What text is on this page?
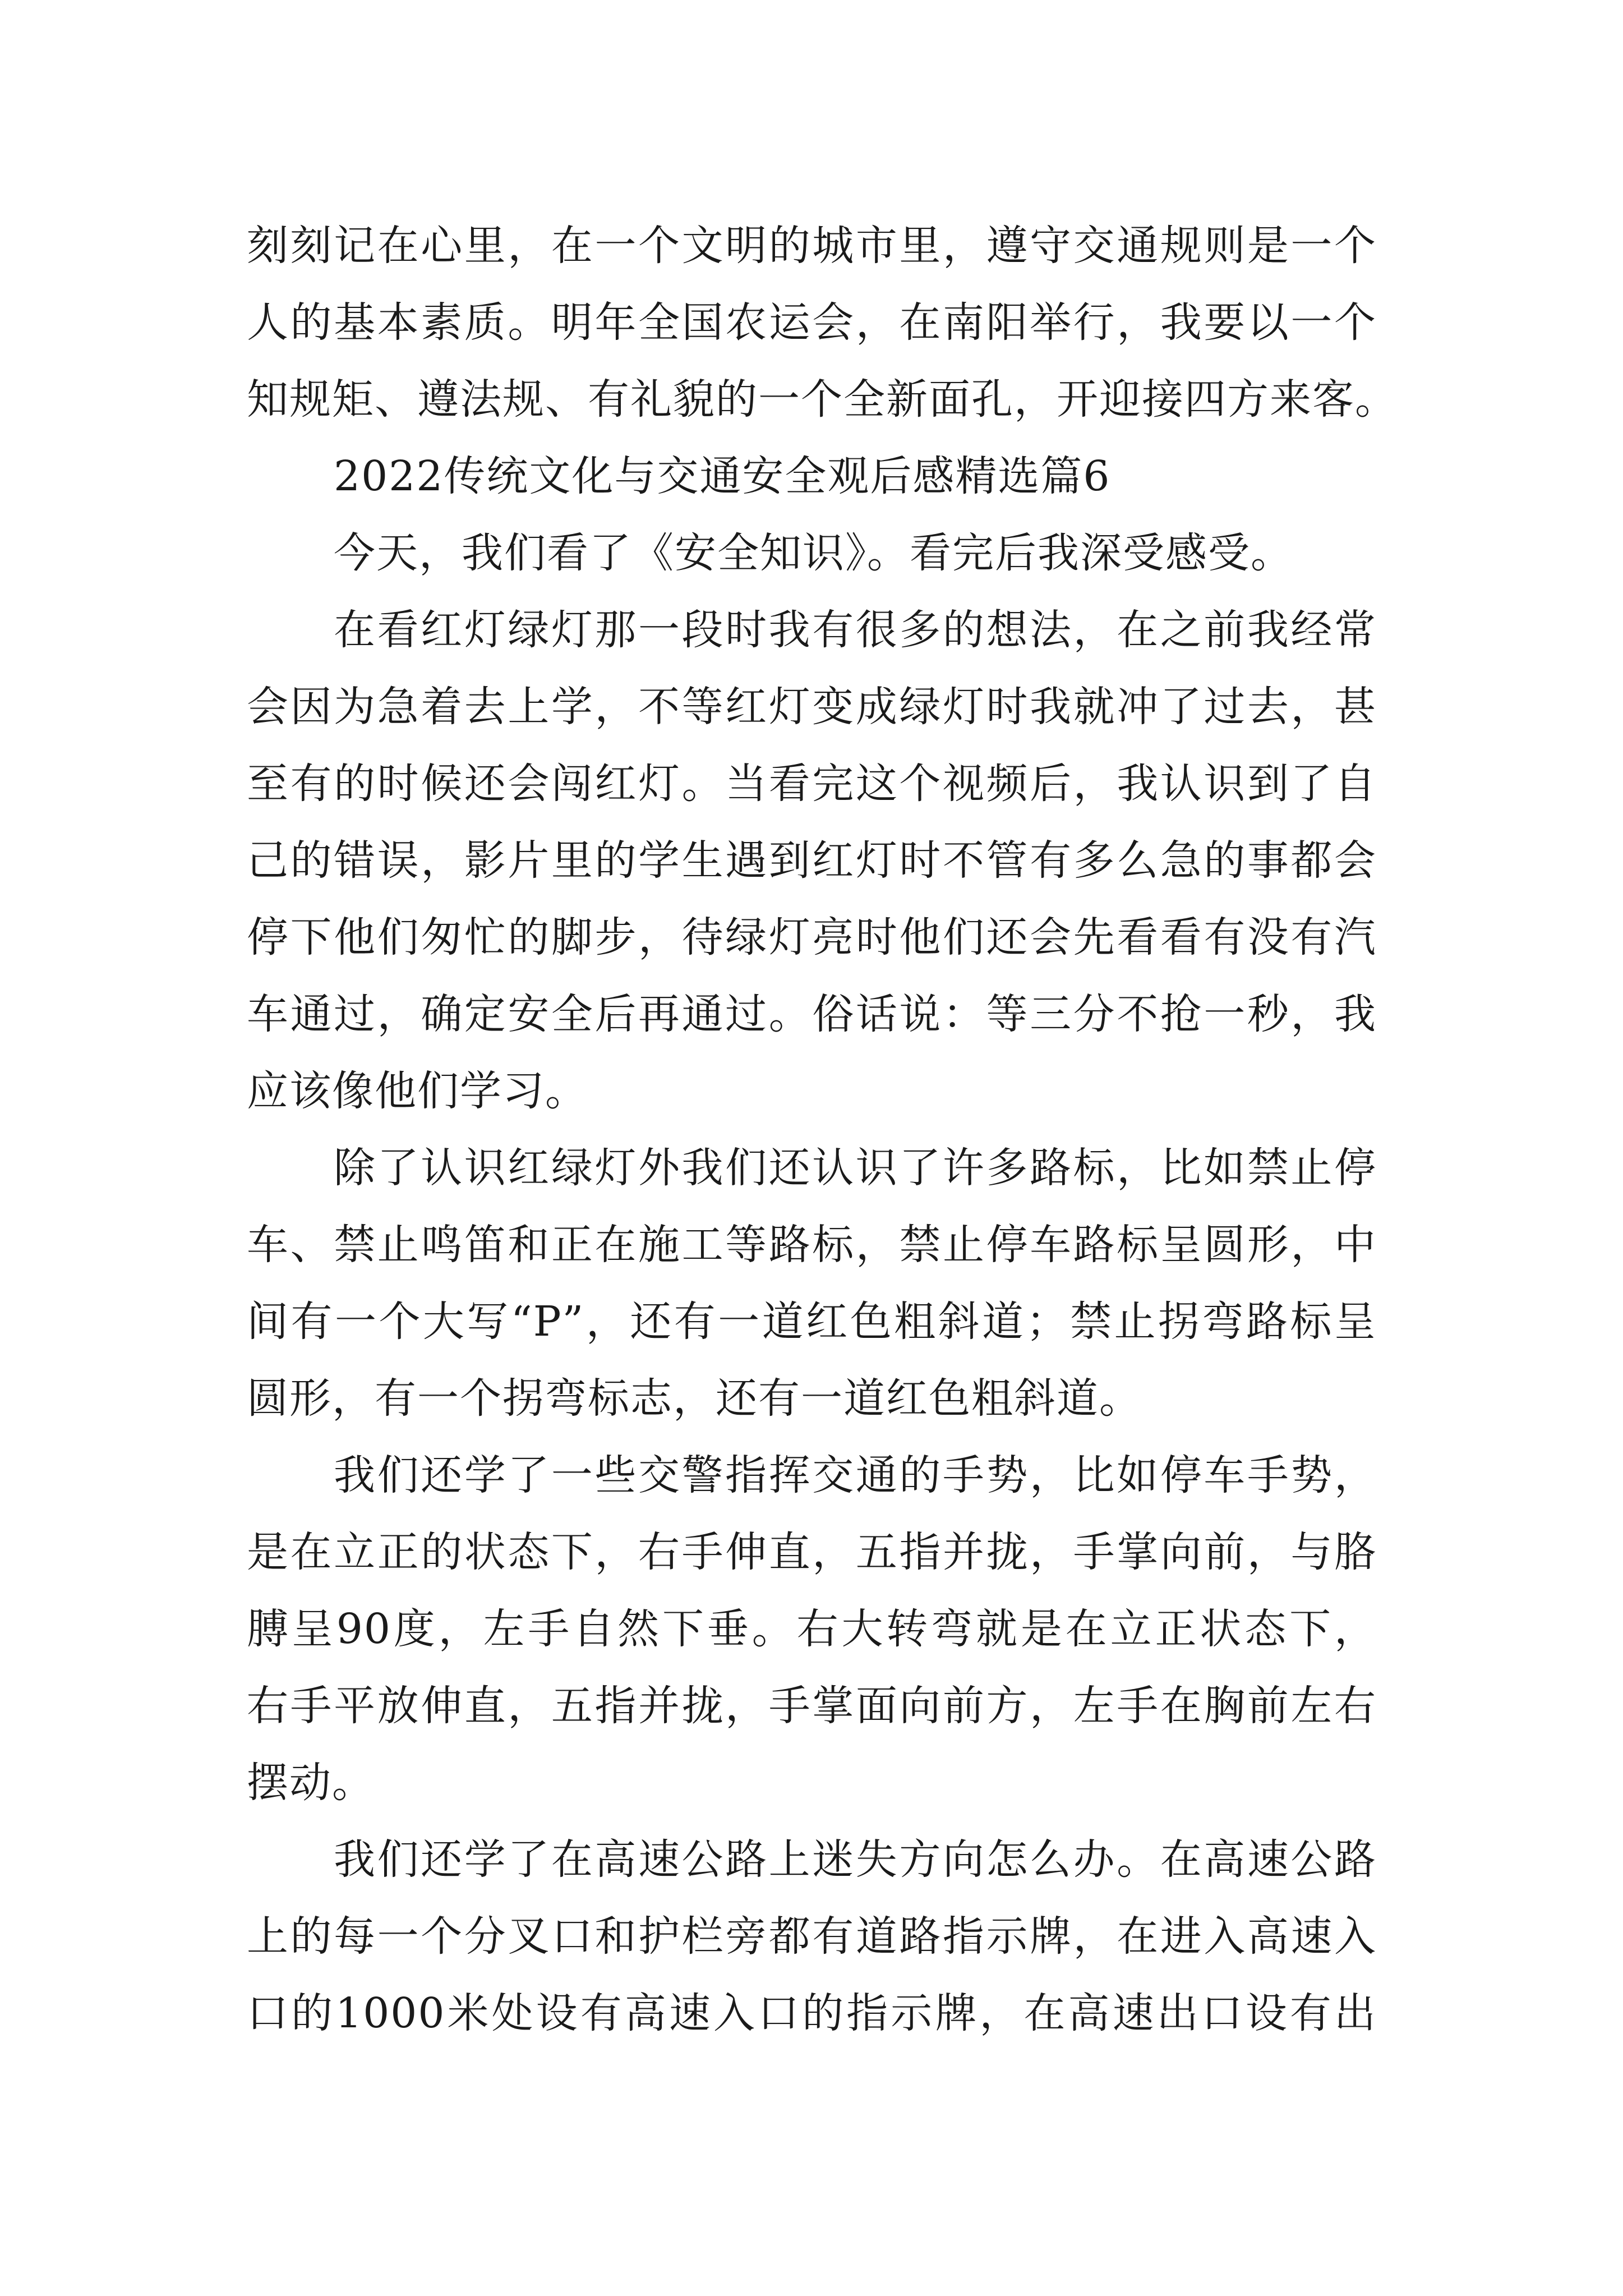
刻刻记在心里，在一个文明的城市里，遵守交通规则是一个
人的基本素质。明年全国农运会，在南阳举行，我要以一个
知规矩、遵法规、有礼貌的一个全新面孔，开迎接四方来客。
2022传统文化与交通安全观后感精选篇6
今天，我们看了《安全知识》。看完后我深受感受。
在看红灯绿灯那一段时我有很多的想法，在之前我经常
会因为急着去上学，不等红灯变成绿灯时我就冲了过去，甚
至有的时候还会闯红灯。当看完这个视频后，我认识到了自
己的错误，影片里的学生遇到红灯时不管有多么急的事都会
停下他们匆忙的脚步，待绿灯亮时他们还会先看看有没有汽
车通过，确定安全后再通过。俗话说：等三分不抢一秒，我
应该像他们学习。
除了认识红绿灯外我们还认识了许多路标，比如禁止停
车、禁止鸣笛和正在施工等路标，禁止停车路标呈圆形，中
间有一个大写“P”，还有一道红色粗斜道；禁止拐弯路标呈
圆形，有一个拐弯标志，还有一道红色粗斜道。
我们还学了一些交警指挥交通的手势，比如停车手势，
是在立正的状态下，右手伸直，五指并拢，手掌向前，与胳
膊呈90度，左手自然下垂。右大转弯就是在立正状态下，
右手平放伸直，五指并拢，手掌面向前方，左手在胸前左右
摆动。
我们还学了在高速公路上迷失方向怎么办。在高速公路
上的每一个分叉口和护栏旁都有道路指示牌，在进入高速入
口的1000米处设有高速入口的指示牌，在高速出口设有出
